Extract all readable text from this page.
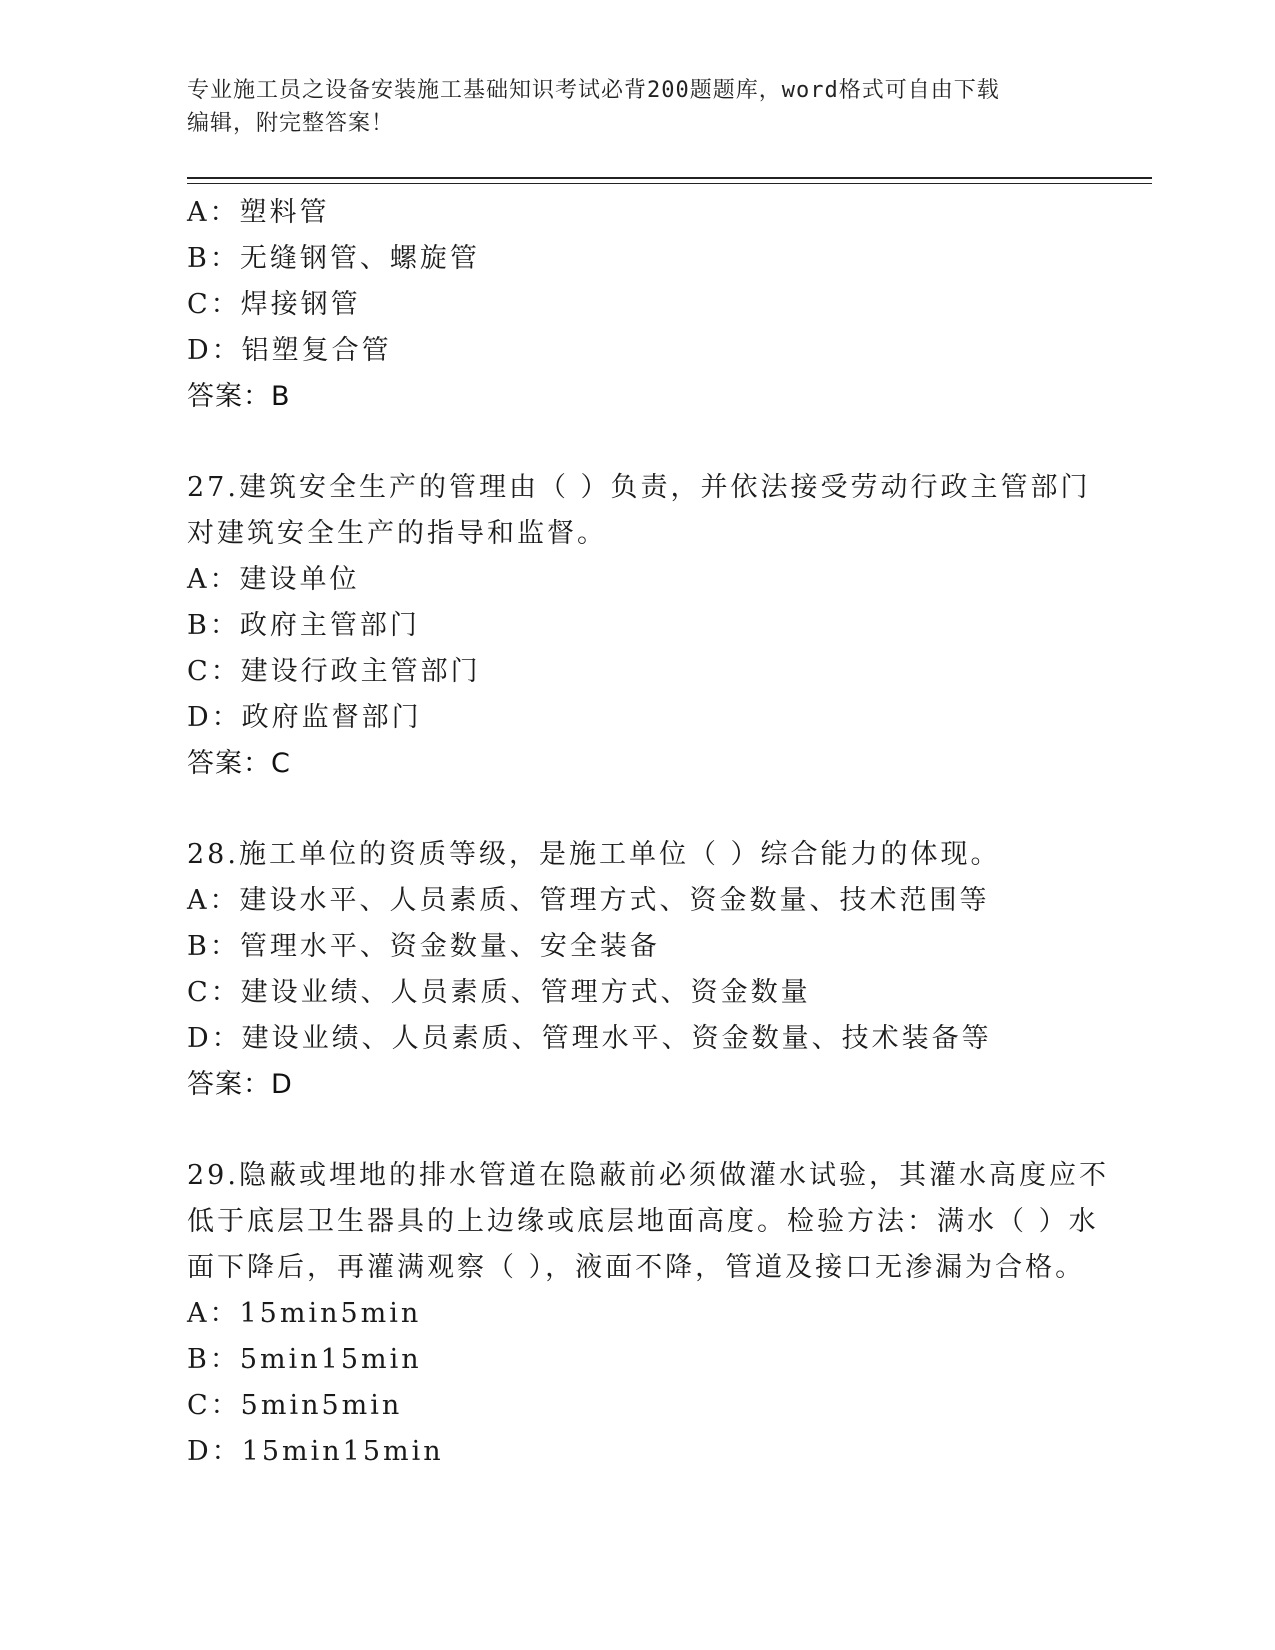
专业施工员之设备安装施工基础知识考试必背200题题库，word格式可自由下载
编辑，附完整答案！
A：塑料管
B：无缝钢管、螺旋管
C：焊接钢管
D：铝塑复合管
答案：B
27.建筑安全生产的管理由（ ）负责，并依法接受劳动行政主管部门
对建筑安全生产的指导和监督。
A：建设单位
B：政府主管部门
C：建设行政主管部门
D：政府监督部门
答案：C
28.施工单位的资质等级，是施工单位（ ）综合能力的体现。
A：建设水平、人员素质、管理方式、资金数量、技术范围等
B：管理水平、资金数量、安全装备
C：建设业绩、人员素质、管理方式、资金数量
D：建设业绩、人员素质、管理水平、资金数量、技术装备等
答案：D
29.隐蔽或埋地的排水管道在隐蔽前必须做灌水试验，其灌水高度应不
低于底层卫生器具的上边缘或底层地面高度。检验方法：满水（ ）水
面下降后，再灌满观察（ ），液面不降，管道及接口无渗漏为合格。
A：15min5min
B：5min15min
C：5min5min
D：15min15min
